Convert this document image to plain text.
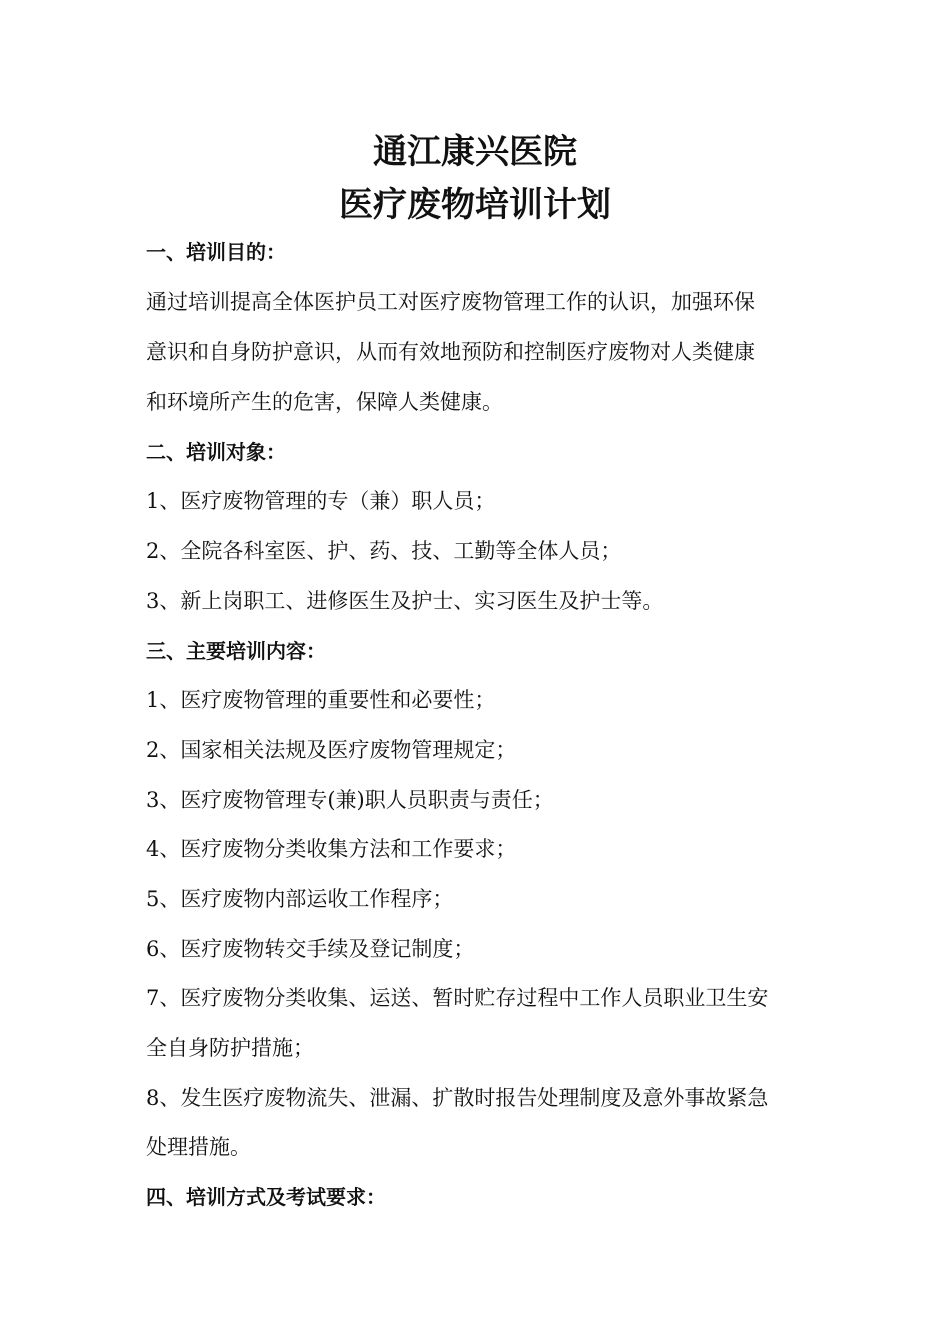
通江康兴医院
医疗废物培训计划
一、培训目的：
通过培训提高全体医护员工对医疗废物管理工作的认识，加强环保
意识和自身防护意识，从而有效地预防和控制医疗废物对人类健康
和环境所产生的危害，保障人类健康。
二、培训对象：
1、医疗废物管理的专（兼）职人员；
2、全院各科室医、护、药、技、工勤等全体人员；
3、新上岗职工、进修医生及护士、实习医生及护士等。
三、主要培训内容：
1、医疗废物管理的重要性和必要性；
2、国家相关法规及医疗废物管理规定；
3、医疗废物管理专(兼)职人员职责与责任；
4、医疗废物分类收集方法和工作要求；
5、医疗废物内部运收工作程序；
6、医疗废物转交手续及登记制度；
7、医疗废物分类收集、运送、暂时贮存过程中工作人员职业卫生安
全自身防护措施；
8、发生医疗废物流失、泄漏、扩散时报告处理制度及意外事故紧急
处理措施。
四、培训方式及考试要求：
